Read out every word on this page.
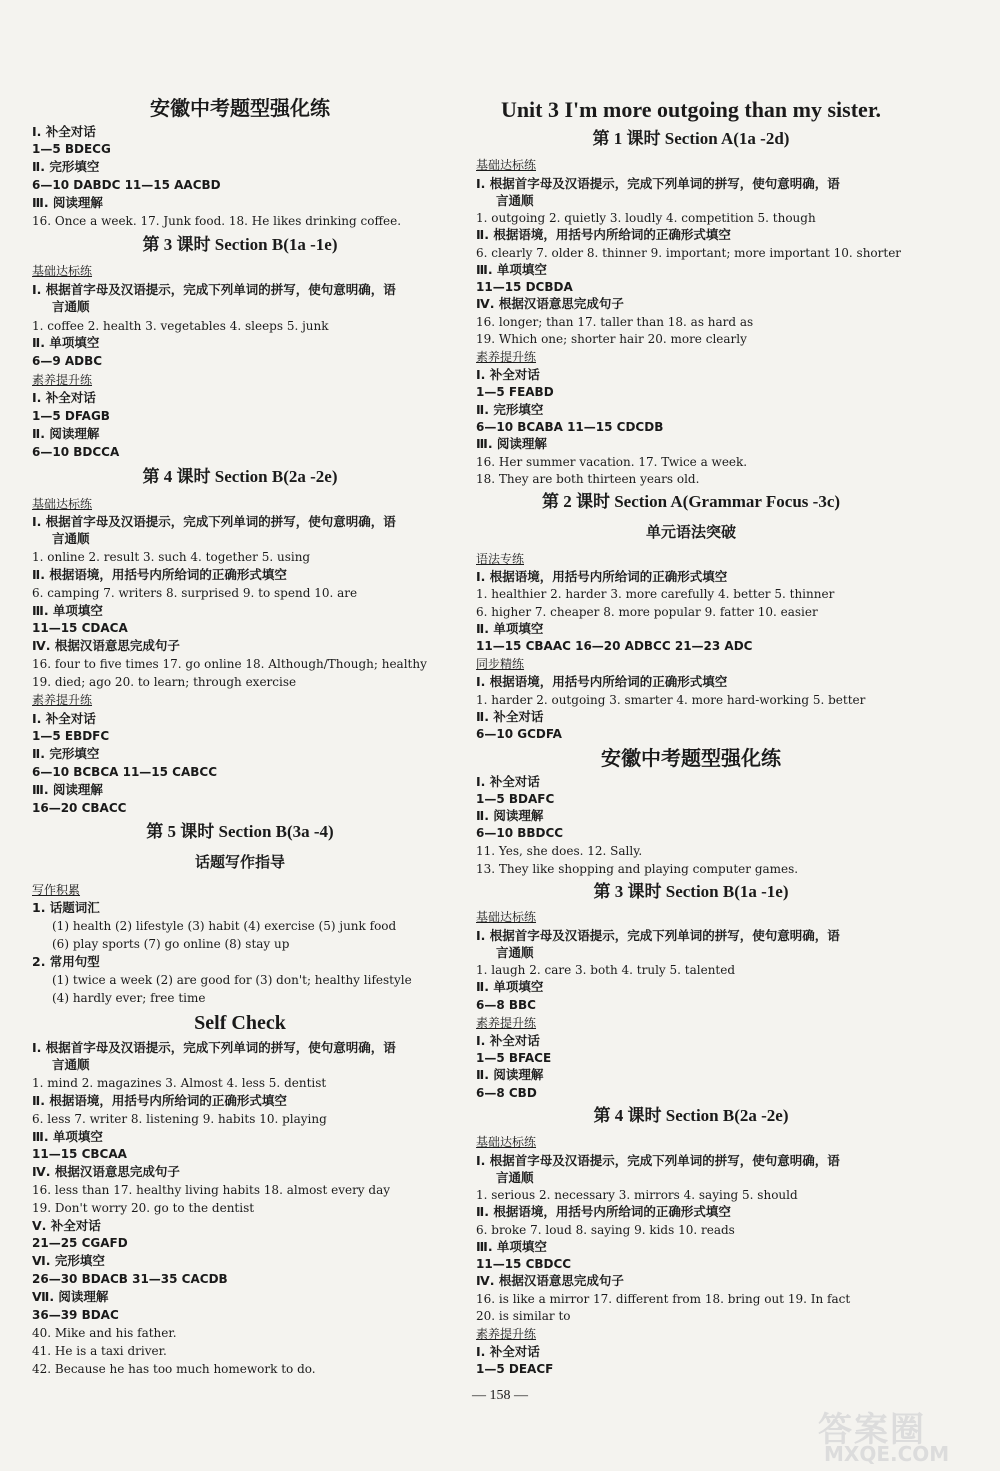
安徽中考题型强化练
Ⅰ. 补全对话
1—5 BDECG
Ⅱ. 完形填空
6—10 DABDC 11—15 AACBD
Ⅲ. 阅读理解
16. Once a week. 17. Junk food. 18. He likes drinking coffee.
第 3 课时 Section B(1a -1e)
基础达标练
Ⅰ. 根据首字母及汉语提示，完成下列单词的拼写，使句意明确，语
言通顺
1. coffee 2. health 3. vegetables 4. sleeps 5. junk
Ⅱ. 单项填空
6—9 ADBC
素养提升练
Ⅰ. 补全对话
1—5 DFAGB
Ⅱ. 阅读理解
6—10 BDCCA
第 4 课时 Section B(2a -2e)
基础达标练
Ⅰ. 根据首字母及汉语提示，完成下列单词的拼写，使句意明确，语
言通顺
1. online 2. result 3. such 4. together 5. using
Ⅱ. 根据语境，用括号内所给词的正确形式填空
6. camping 7. writers 8. surprised 9. to spend 10. are
Ⅲ. 单项填空
11—15 CDACA
Ⅳ. 根据汉语意思完成句子
16. four to five times 17. go online 18. Although/Though; healthy
19. died; ago 20. to learn; through exercise
素养提升练
Ⅰ. 补全对话
1—5 EBDFC
Ⅱ. 完形填空
6—10 BCBCA 11—15 CABCC
Ⅲ. 阅读理解
16—20 CBACC
第 5 课时 Section B(3a -4)
话题写作指导
写作积累
1. 话题词汇
(1) health (2) lifestyle (3) habit (4) exercise (5) junk food
(6) play sports (7) go online (8) stay up
2. 常用句型
(1) twice a week (2) are good for (3) don't; healthy lifestyle
(4) hardly ever; free time
Self Check
Ⅰ. 根据首字母及汉语提示，完成下列单词的拼写，使句意明确，语
言通顺
1. mind 2. magazines 3. Almost 4. less 5. dentist
Ⅱ. 根据语境，用括号内所给词的正确形式填空
6. less 7. writer 8. listening 9. habits 10. playing
Ⅲ. 单项填空
11—15 CBCAA
Ⅳ. 根据汉语意思完成句子
16. less than 17. healthy living habits 18. almost every day
19. Don't worry 20. go to the dentist
Ⅴ. 补全对话
21—25 CGAFD
Ⅵ. 完形填空
26—30 BDACB 31—35 CACDB
Ⅶ. 阅读理解
36—39 BDAC
40. Mike and his father.
41. He is a taxi driver.
42. Because he has too much homework to do.
Unit 3 I'm more outgoing than my sister.
第 1 课时 Section A(1a -2d)
基础达标练
Ⅰ. 根据首字母及汉语提示，完成下列单词的拼写，使句意明确，语
言通顺
1. outgoing 2. quietly 3. loudly 4. competition 5. though
Ⅱ. 根据语境，用括号内所给词的正确形式填空
6. clearly 7. older 8. thinner 9. important; more important 10. shorter
Ⅲ. 单项填空
11—15 DCBDA
Ⅳ. 根据汉语意思完成句子
16. longer; than 17. taller than 18. as hard as
19. Which one; shorter hair 20. more clearly
素养提升练
Ⅰ. 补全对话
1—5 FEABD
Ⅱ. 完形填空
6—10 BCABA 11—15 CDCDB
Ⅲ. 阅读理解
16. Her summer vacation. 17. Twice a week.
18. They are both thirteen years old.
第 2 课时 Section A(Grammar Focus -3c)
单元语法突破
语法专练
Ⅰ. 根据语境，用括号内所给词的正确形式填空
1. healthier 2. harder 3. more carefully 4. better 5. thinner
6. higher 7. cheaper 8. more popular 9. fatter 10. easier
Ⅱ. 单项填空
11—15 CBAAC 16—20 ADBCC 21—23 ADC
同步精练
Ⅰ. 根据语境，用括号内所给词的正确形式填空
1. harder 2. outgoing 3. smarter 4. more hard-working 5. better
Ⅱ. 补全对话
6—10 GCDFA
安徽中考题型强化练
Ⅰ. 补全对话
1—5 BDAFC
Ⅱ. 阅读理解
6—10 BBDCC
11. Yes, she does. 12. Sally.
13. They like shopping and playing computer games.
第 3 课时 Section B(1a -1e)
基础达标练
Ⅰ. 根据首字母及汉语提示，完成下列单词的拼写，使句意明确，语
言通顺
1. laugh 2. care 3. both 4. truly 5. talented
Ⅱ. 单项填空
6—8 BBC
素养提升练
Ⅰ. 补全对话
1—5 BFACE
Ⅱ. 阅读理解
6—8 CBD
第 4 课时 Section B(2a -2e)
基础达标练
Ⅰ. 根据首字母及汉语提示，完成下列单词的拼写，使句意明确，语
言通顺
1. serious 2. necessary 3. mirrors 4. saying 5. should
Ⅱ. 根据语境，用括号内所给词的正确形式填空
6. broke 7. loud 8. saying 9. kids 10. reads
Ⅲ. 单项填空
11—15 CBDCC
Ⅳ. 根据汉语意思完成句子
16. is like a mirror 17. different from 18. bring out 19. In fact
20. is similar to
素养提升练
Ⅰ. 补全对话
1—5 DEACF
— 158 —
答案圈
MXQE.COM
